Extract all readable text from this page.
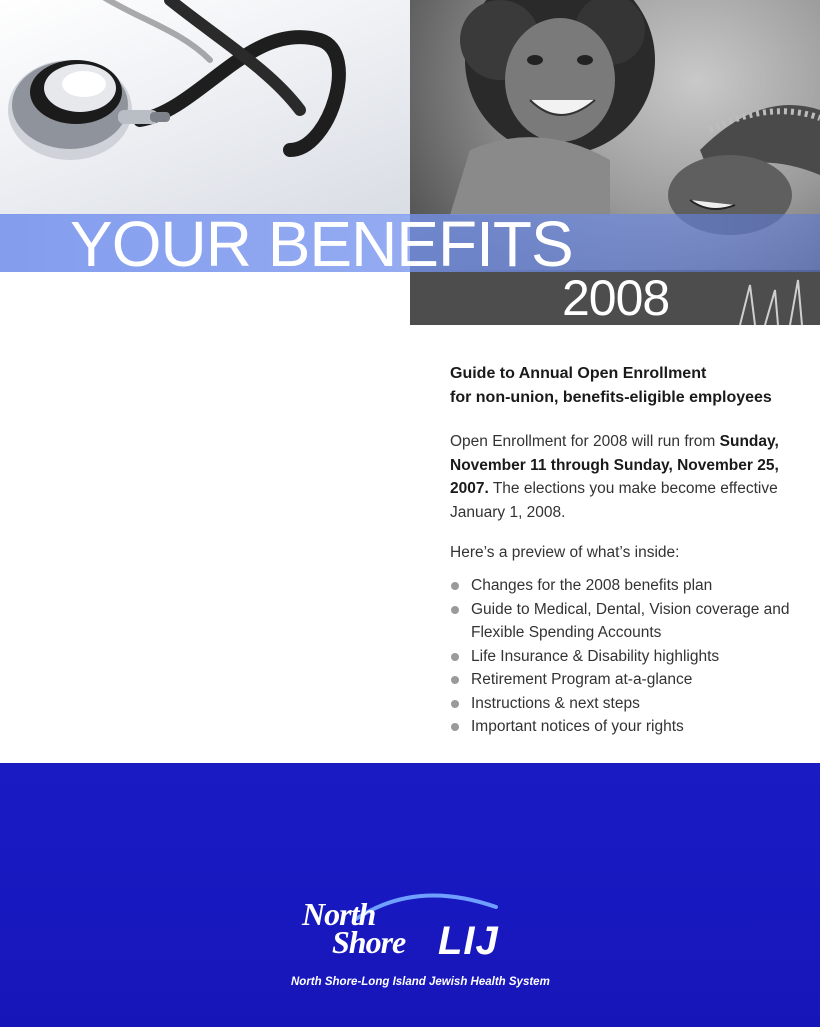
YOUR BENEFITS
2008
Guide to Annual Open Enrollment
for non-union, benefits-eligible employees

Open Enrollment for 2008 will run from Sunday, November 11 through Sunday, November 25, 2007. The elections you make become effective January 1, 2008.

Here’s a preview of what’s inside:

Changes for the 2008 benefits plan
Guide to Medical, Dental, Vision coverage and Flexible Spending Accounts
Life Insurance & Disability highlights
Retirement Program at-a-glance
Instructions & next steps
Important notices of your rights
North
Shore LIJ
North Shore-Long Island Jewish Health System
